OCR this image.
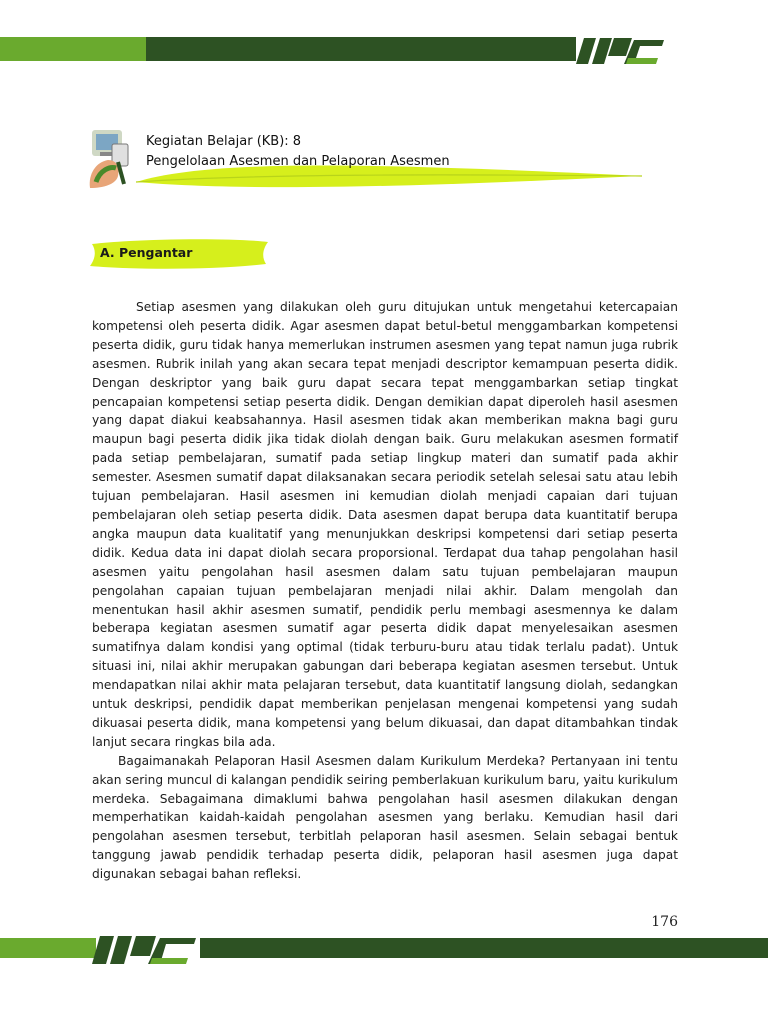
Kegiatan Belajar (KB): 8
Pengelolaan Asesmen dan Pelaporan Asesmen
A. Pengantar

Setiap asesmen yang dilakukan oleh guru ditujukan untuk mengetahui ketercapaian kompetensi oleh peserta didik. Agar asesmen dapat betul-betul menggambarkan kompetensi peserta didik, guru tidak hanya memerlukan instrumen asesmen yang tepat namun juga rubrik asesmen. Rubrik inilah yang akan secara tepat menjadi descriptor kemampuan peserta didik. Dengan deskriptor yang baik guru dapat secara tepat menggambarkan setiap tingkat pencapaian kompetensi setiap peserta didik. Dengan demikian dapat diperoleh hasil asesmen yang dapat diakui keabsahannya. Hasil asesmen tidak akan memberikan makna bagi guru maupun bagi peserta didik jika tidak diolah dengan baik. Guru melakukan asesmen formatif pada setiap pembelajaran, sumatif pada setiap lingkup materi dan sumatif pada akhir semester. Asesmen sumatif dapat dilaksanakan secara periodik setelah selesai satu atau lebih tujuan pembelajaran. Hasil asesmen ini kemudian diolah menjadi capaian dari tujuan pembelajaran oleh setiap peserta didik. Data asesmen dapat berupa data kuantitatif berupa angka maupun data kualitatif yang menunjukkan deskripsi kompetensi dari setiap peserta didik. Kedua data ini dapat diolah secara proporsional. Terdapat dua tahap pengolahan hasil asesmen yaitu pengolahan hasil asesmen dalam satu tujuan pembelajaran maupun pengolahan capaian tujuan pembelajaran menjadi nilai akhir. Dalam mengolah dan menentukan hasil akhir asesmen sumatif, pendidik perlu membagi asesmennya ke dalam beberapa kegiatan asesmen sumatif agar peserta didik dapat menyelesaikan asesmen sumatifnya dalam kondisi yang optimal (tidak terburu-buru atau tidak terlalu padat). Untuk situasi ini, nilai akhir merupakan gabungan dari beberapa kegiatan asesmen tersebut. Untuk mendapatkan nilai akhir mata pelajaran tersebut, data kuantitatif langsung diolah, sedangkan untuk deskripsi, pendidik dapat memberikan penjelasan mengenai kompetensi yang sudah dikuasai peserta didik, mana kompetensi yang belum dikuasai, dan dapat ditambahkan tindak lanjut secara ringkas bila ada.

Bagaimanakah Pelaporan Hasil Asesmen dalam Kurikulum Merdeka? Pertanyaan ini tentu akan sering muncul di kalangan pendidik seiring pemberlakuan kurikulum baru, yaitu kurikulum merdeka. Sebagaimana dimaklumi bahwa pengolahan hasil asesmen dilakukan dengan memperhatikan kaidah-kaidah pengolahan asesmen yang berlaku. Kemudian hasil dari pengolahan asesmen tersebut, terbitlah pelaporan hasil asesmen. Selain sebagai bentuk tanggung jawab pendidik terhadap peserta didik, pelaporan hasil asesmen juga dapat digunakan sebagai bahan refleksi.

176
